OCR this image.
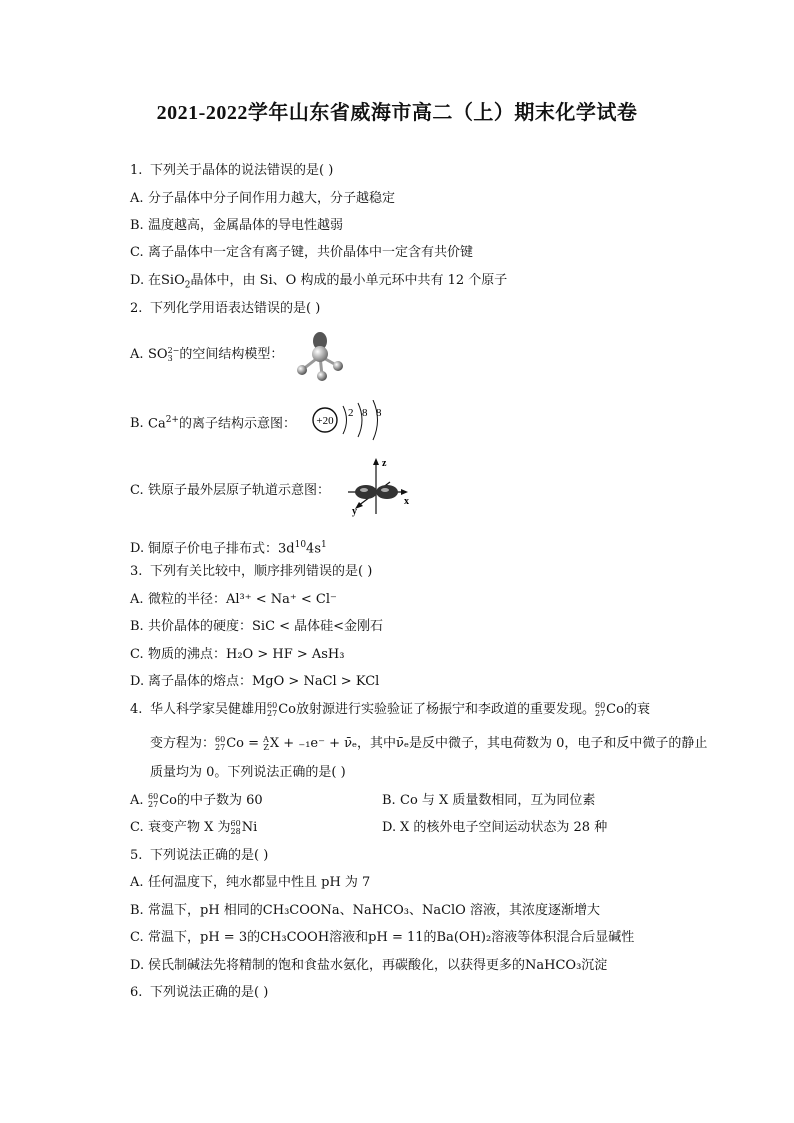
2021-2022学年山东省威海市高二（上）期末化学试卷
1. 下列关于晶体的说法错误的是( )
A. 分子晶体中分子间作用力越大，分子越稳定
B. 温度越高，金属晶体的导电性越弱
C. 离子晶体中一定含有离子键，共价晶体中一定含有共价键
D. 在SiO$_2$晶体中，由 Si、O 构成的最小单元环中共有 12 个原子
2. 下列化学用语表达错误的是( )
A. SO 2−
3 的空间结构模型：
B. $Ca^{2+}$的离子结构示意图： +20
2 8 8
C. 铁原子最外层原子轨道示意图：
z
x
y
D. 铜原子价电子排布式：$3d^{10}4s^1$
3. 下列有关比较中，顺序排列错误的是( )
A. 微粒的半径：Al³⁺ < Na⁺ < Cl⁻
B. 共价晶体的硬度：SiC < 晶体硅<金刚石
C. 物质的沸点：H₂O > HF > AsH₃
D. 离子晶体的熔点：MgO > NaCl > KCl
4. 华人科学家吴健雄用 60
27 Co放射源进行实验验证了杨振宁和李政道的重要发现。 60
27 Co的衰
变方程为： 60
27 Co = A
Z X + ₋₁e⁻ + ν̄ₑ，其中ν̄ₑ是反中微子，其电荷数为 0，电子和反中微子的静止
质量均为 0。下列说法正确的是( )
A. 60
27 Co的中子数为 60	B. Co 与 X 质量数相同，互为同位素
C. 衰变产物 X 为 60
28 Ni	D. X 的核外电子空间运动状态为 28 种
5. 下列说法正确的是( )
A. 任何温度下，纯水都显中性且 pH 为 7
B. 常温下，pH 相同的CH₃COONa、NaHCO₃、NaClO 溶液，其浓度逐渐增大
C. 常温下，pH = 3的CH₃COOH溶液和pH = 11的Ba(OH)₂溶液等体积混合后显碱性
D. 侯氏制碱法先将精制的饱和食盐水氨化，再碳酸化，以获得更多的NaHCO₃沉淀
6. 下列说法正确的是( )
